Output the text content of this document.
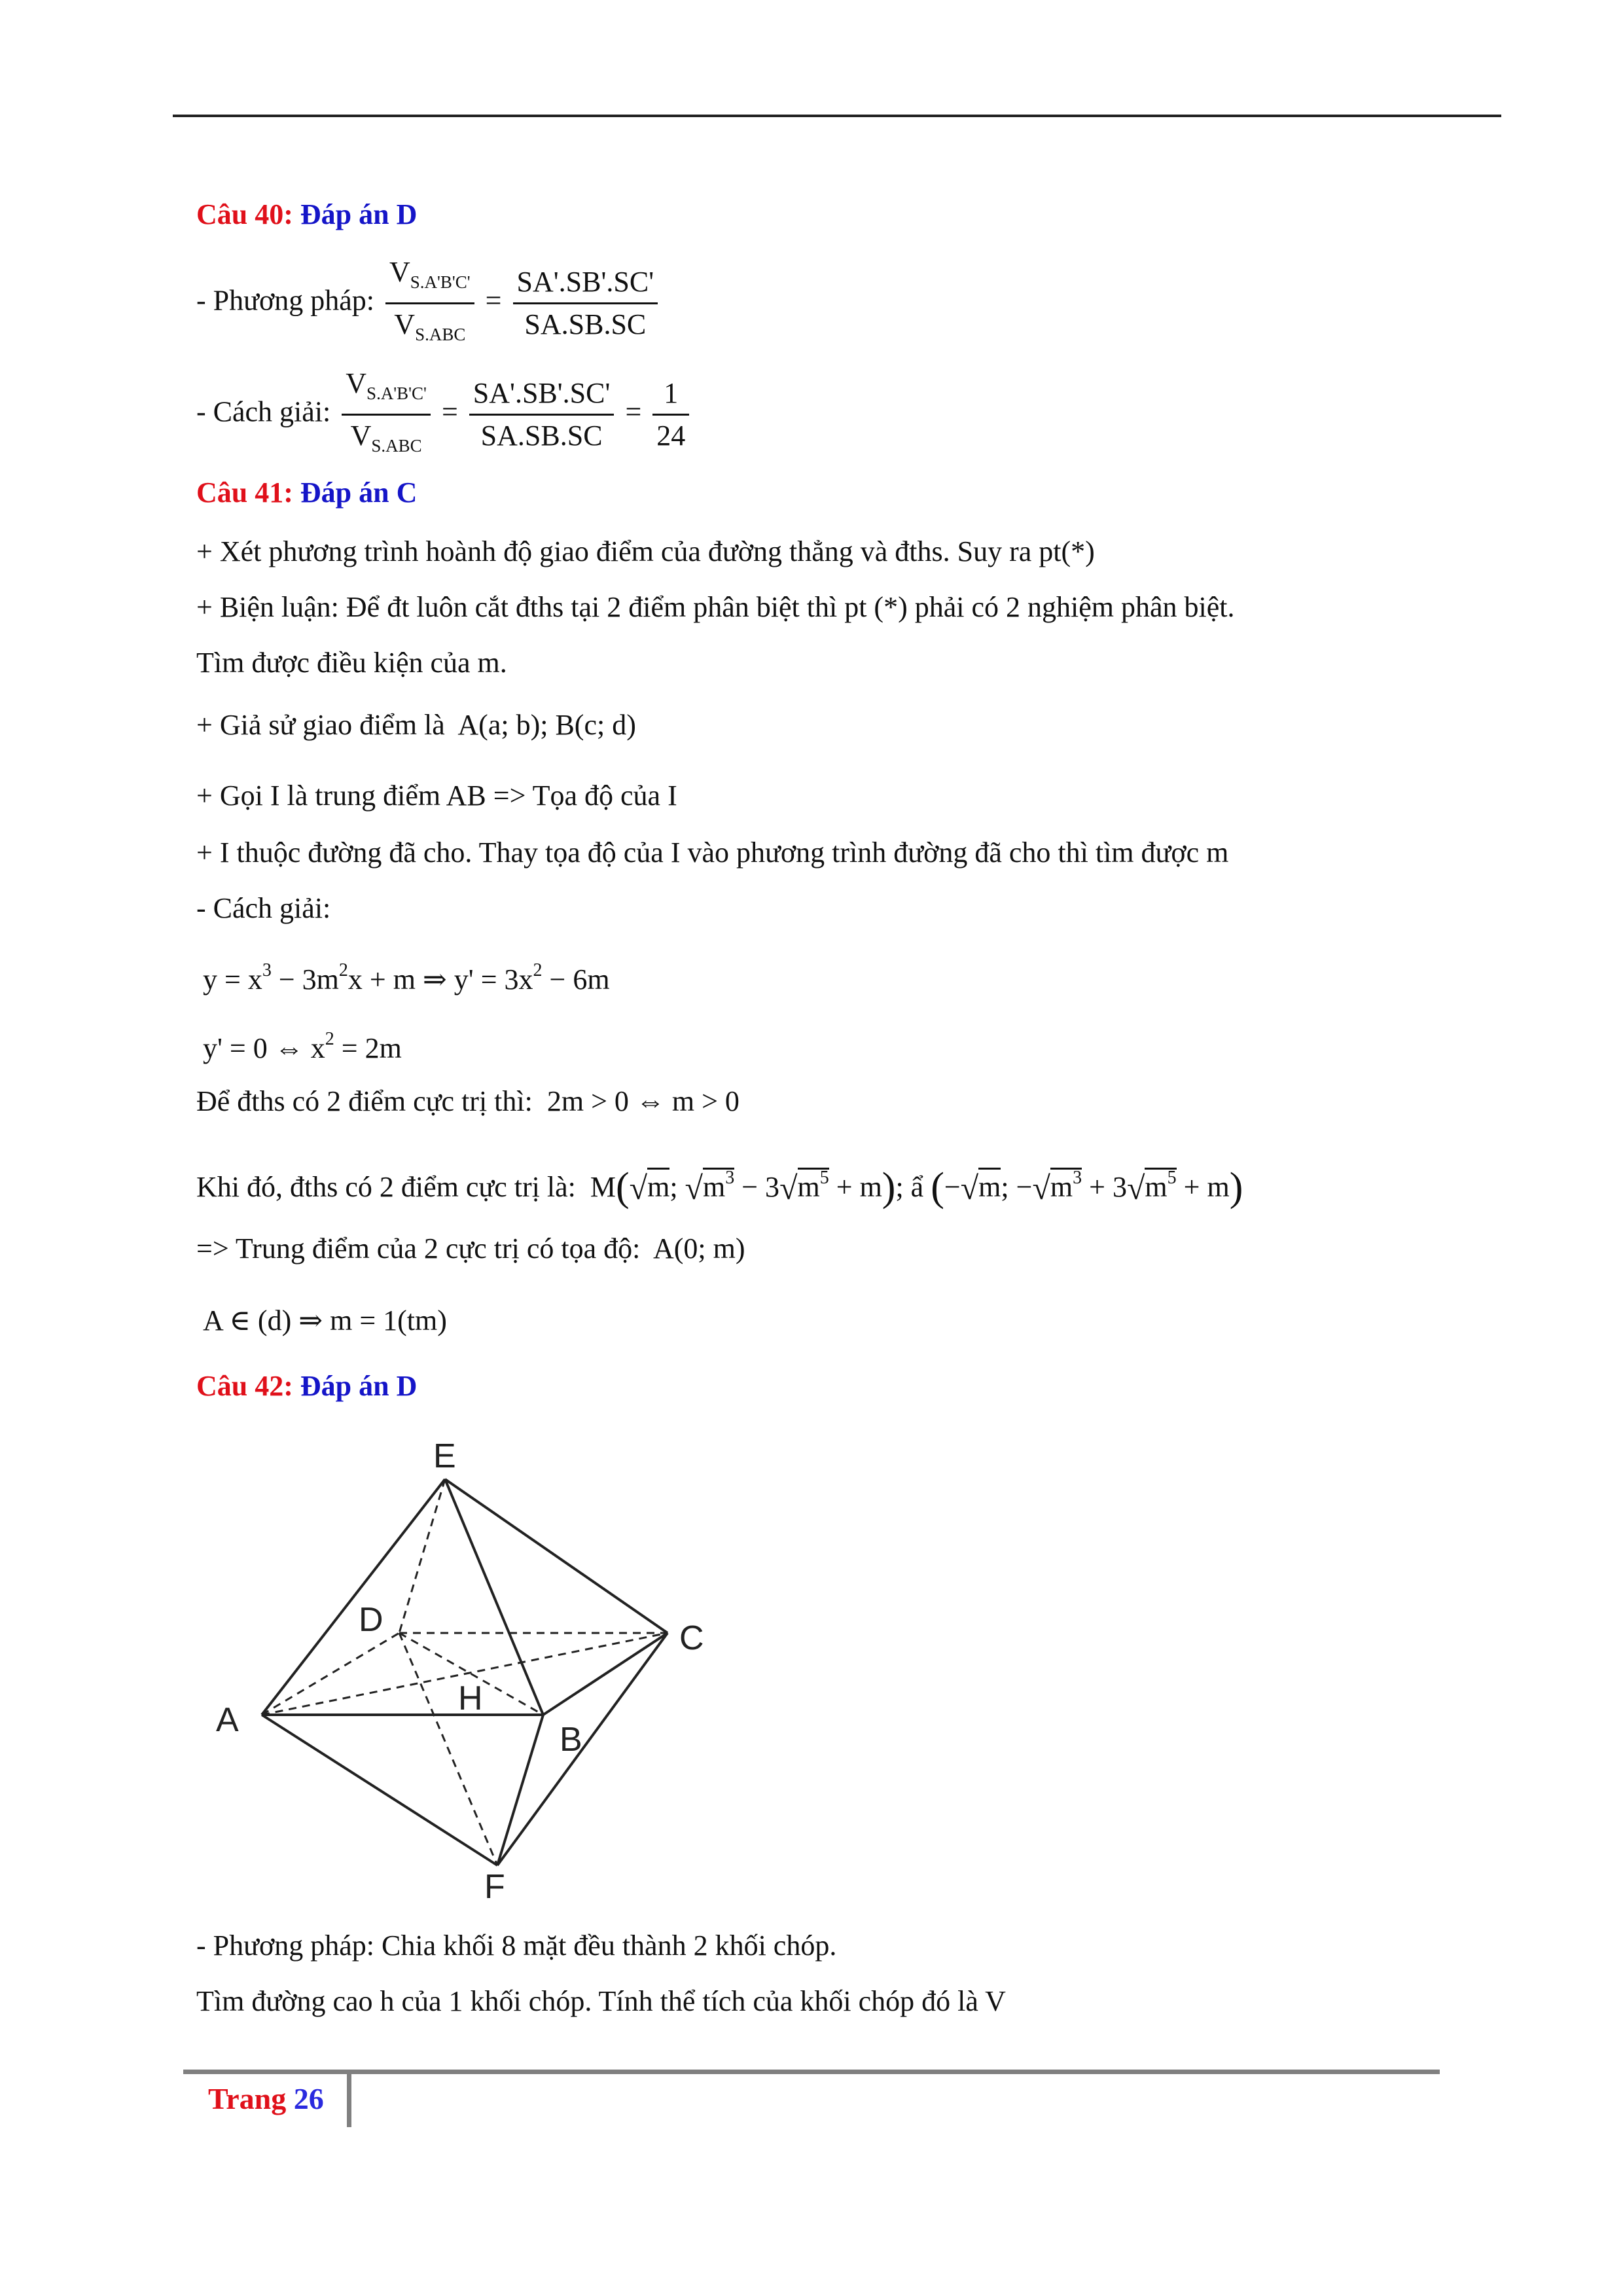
Câu 40: Đáp án D
- Phương pháp: $\frac{V_{S.A'B'C'}}{V_{S.ABC}} = \frac{SA'.SB'.SC'}{SA.SB.SC}$
- Cách giải: $\frac{V_{S.A'B'C'}}{V_{S.ABC}} = \frac{SA'.SB'.SC'}{SA.SB.SC} = \frac{1}{24}$
Câu 41: Đáp án C
+ Xét phương trình hoành độ giao điểm của đường thẳng và đths. Suy ra pt(*)
+ Biện luận: Để đt luôn cắt đths tại 2 điểm phân biệt thì pt (*) phải có 2 nghiệm phân biệt.
Tìm được điều kiện của m.
+ Giả sử giao điểm là A(a; b); B(c; d)
+ Gọi I là trung điểm AB => Tọa độ của I
+ I thuộc đường đã cho. Thay tọa độ của I vào phương trình đường đã cho thì tìm được m
- Cách giải:
$y = x^3 - 3m^2x + m$ ⇒ $y' = 3x^2 - 6m$
y' = 0 ⇔ $x^2 = 2m$
Để đths có 2 điểm cực trị thì: 2m > 0 ⇔ m > 0
Khi đó, đths có 2 điểm cực trị là: M(√m; $√m^3 - 3√m^5 + m$); ẩ (−√m; $-√m^3 + 3√m^5 + m$)
=> Trung điểm của 2 cực trị có tọa độ: A(0; m)
A ∈ (d) ⇒ m = 1(tm)
Câu 42: Đáp án D
E
D	C
H
A
B
F
- Phương pháp: Chia khối 8 mặt đều thành 2 khối chóp.
Tìm đường cao h của 1 khối chóp. Tính thể tích của khối chóp đó là V
Trang 26
